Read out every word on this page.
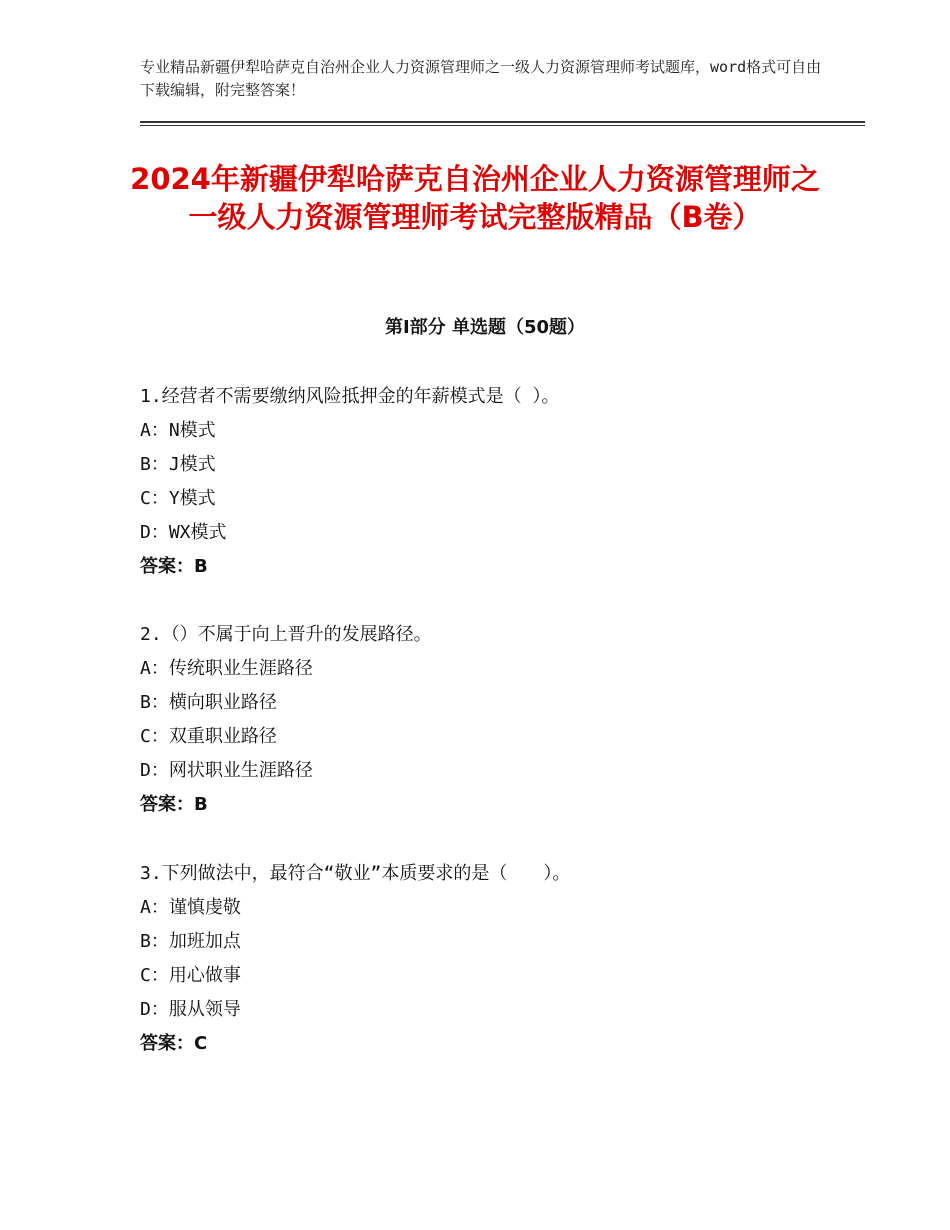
专业精品新疆伊犁哈萨克自治州企业人力资源管理师之一级人力资源管理师考试题库，word格式可自由下载编辑，附完整答案！
2024年新疆伊犁哈萨克自治州企业人力资源管理师之一级人力资源管理师考试完整版精品（B卷）
第Ⅰ部分 单选题（50题）
1.经营者不需要缴纳风险抵押金的年薪模式是（ ）。
A：N模式
B：J模式
C：Y模式
D：WX模式
答案：B
2.（）不属于向上晋升的发展路径。
A：传统职业生涯路径
B：横向职业路径
C：双重职业路径
D：网状职业生涯路径
答案：B
3.下列做法中，最符合“敬业”本质要求的是（　　）。
A：谨慎虔敬
B：加班加点
C：用心做事
D：服从领导
答案：C
